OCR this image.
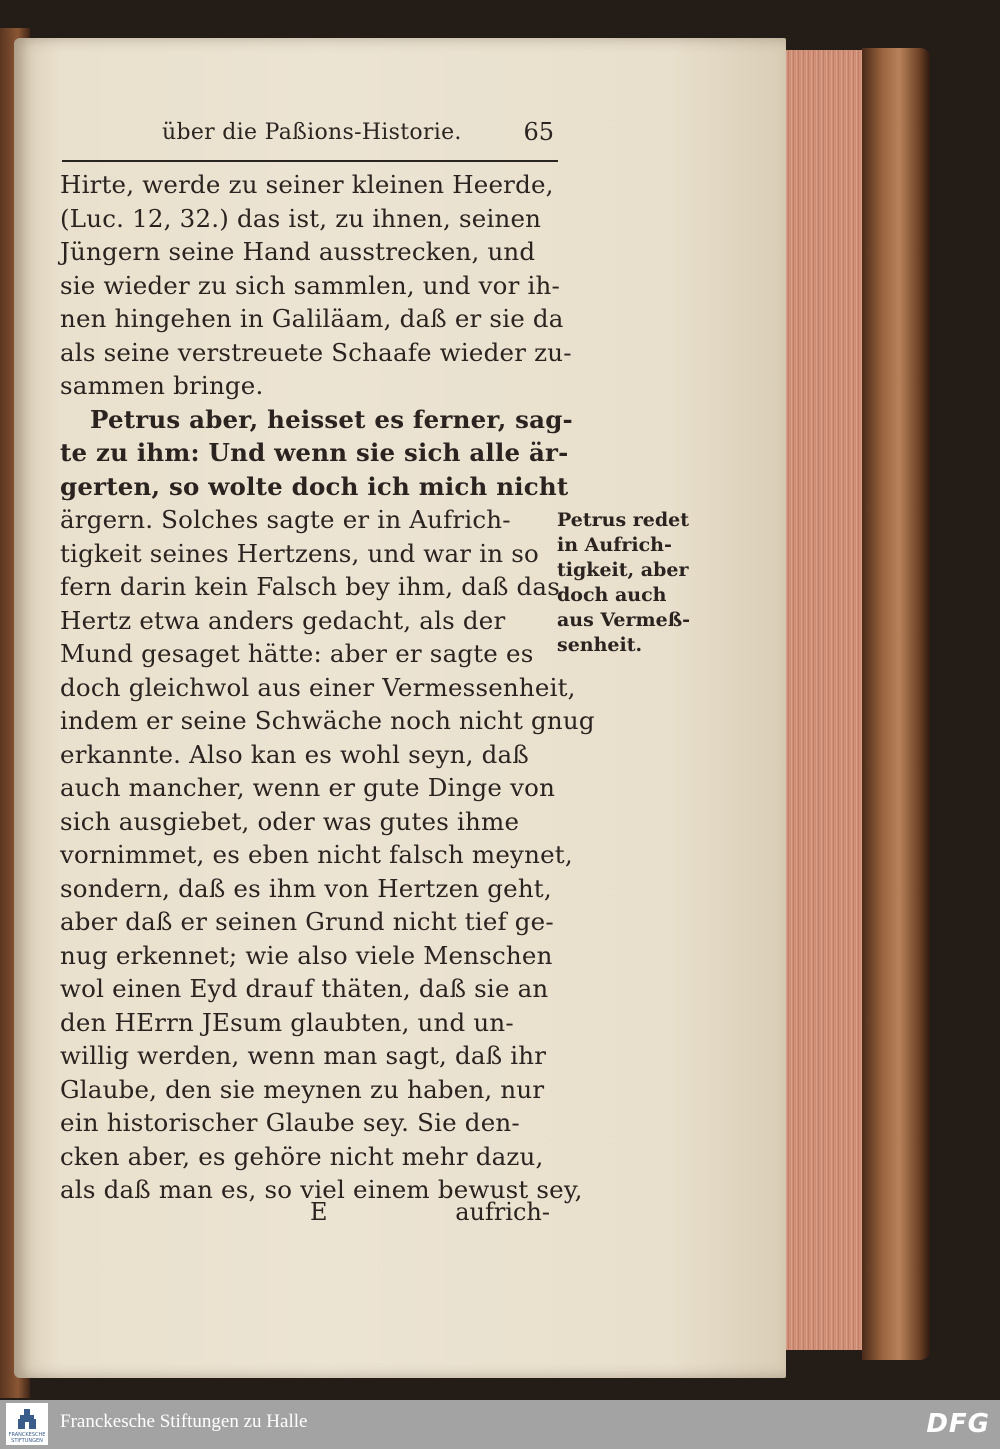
über die Paßions-Historie.	65
Hirte, werde zu seiner kleinen Heerde,
(Luc. 12, 32.) das ist, zu ihnen, seinen
Jüngern seine Hand ausstrecken, und
sie wieder zu sich sammlen, und vor ih-
nen hingehen in Galiläam, daß er sie da
als seine verstreuete Schaafe wieder zu-
sammen bringe.
Petrus aber, heisset es ferner, sag-
te zu ihm: Und wenn sie sich alle är-
gerten, so wolte doch ich mich nicht
ärgern. Solches sagte er in Aufrich-
tigkeit seines Hertzens, und war in so
fern darin kein Falsch bey ihm, daß das
Hertz etwa anders gedacht, als der
Mund gesaget hätte: aber er sagte es
doch gleichwol aus einer Vermessenheit,
indem er seine Schwäche noch nicht gnug
erkannte. Also kan es wohl seyn, daß
auch mancher, wenn er gute Dinge von
sich ausgiebet, oder was gutes ihme
vornimmet, es eben nicht falsch meynet,
sondern, daß es ihm von Hertzen geht,
aber daß er seinen Grund nicht tief ge-
nug erkennet; wie also viele Menschen
wol einen Eyd drauf thäten, daß sie an
den HErrn JEsum glaubten, und un-
willig werden, wenn man sagt, daß ihr
Glaube, den sie meynen zu haben, nur
ein historischer Glaube sey. Sie den-
cken aber, es gehöre nicht mehr dazu,
als daß man es, so viel einem bewust sey,
E	aufrich-
Petrus redet
in Aufrich-
tigkeit, aber
doch auch
aus Vermeß-
senheit.
FRANCKESCHE STIFTUNGEN
Franckesche Stiftungen zu Halle	DFG
